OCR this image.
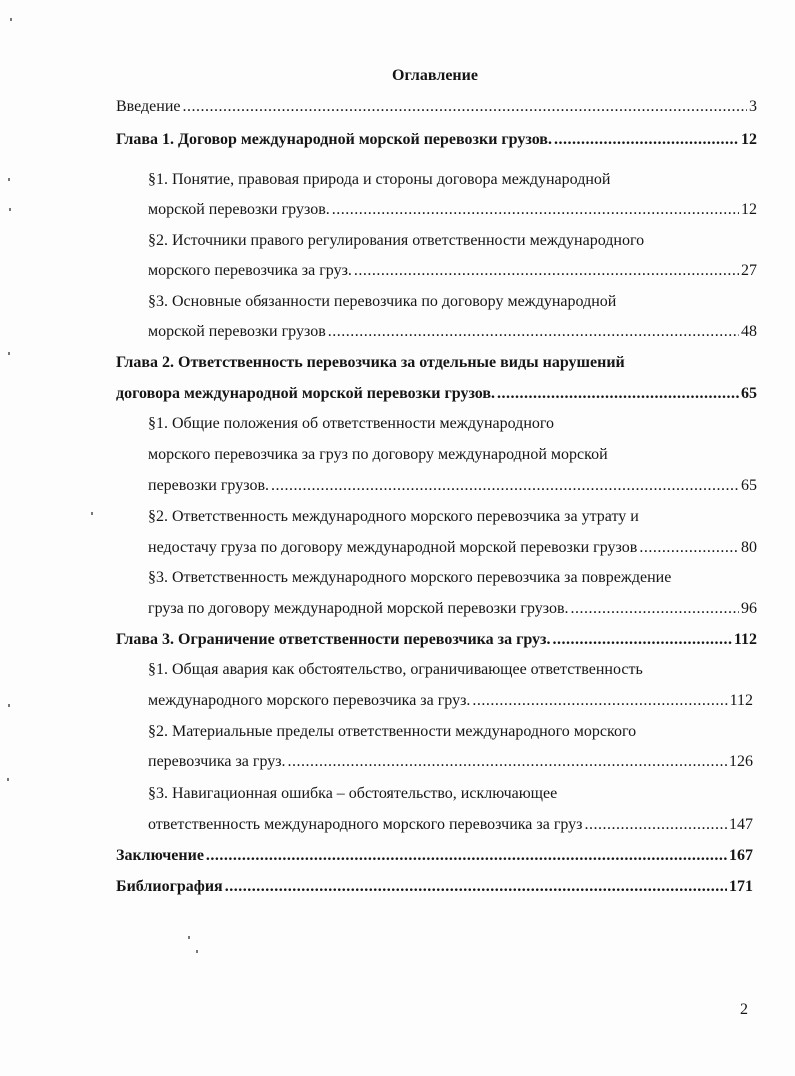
Оглавление
Введение .....	3
Глава 1. Договор международной морской перевозки грузов. .....	12
§1. Понятие, правовая природа и стороны договора международной
морской перевозки грузов. .....	12
§2. Источники правого регулирования ответственности международного
морского перевозчика за груз. .....	27
§3. Основные обязанности перевозчика по договору международной
морской перевозки грузов .....	48
Глава 2. Ответственность перевозчика за отдельные виды нарушений
договора международной морской перевозки грузов. .....	65
§1. Общие положения об ответственности международного
морского перевозчика за груз по договору международной морской
перевозки грузов. .....	65
§2. Ответственность международного морского перевозчика за утрату и
недостачу груза по договору международной морской перевозки грузов .....	80
§3. Ответственность международного морского перевозчика за повреждение
груза по договору международной морской перевозки грузов. .....	96
Глава 3. Ограничение ответственности перевозчика за груз. .....	112
§1. Общая авария как обстоятельство, ограничивающее ответственность
международного морского перевозчика за груз. .....	112
§2. Материальные пределы ответственности международного морского
перевозчика за груз. .....	126
§3. Навигационная ошибка – обстоятельство, исключающее
ответственность международного морского перевозчика за груз .....	147
Заключение .....	167
Библиография .....	171
2
